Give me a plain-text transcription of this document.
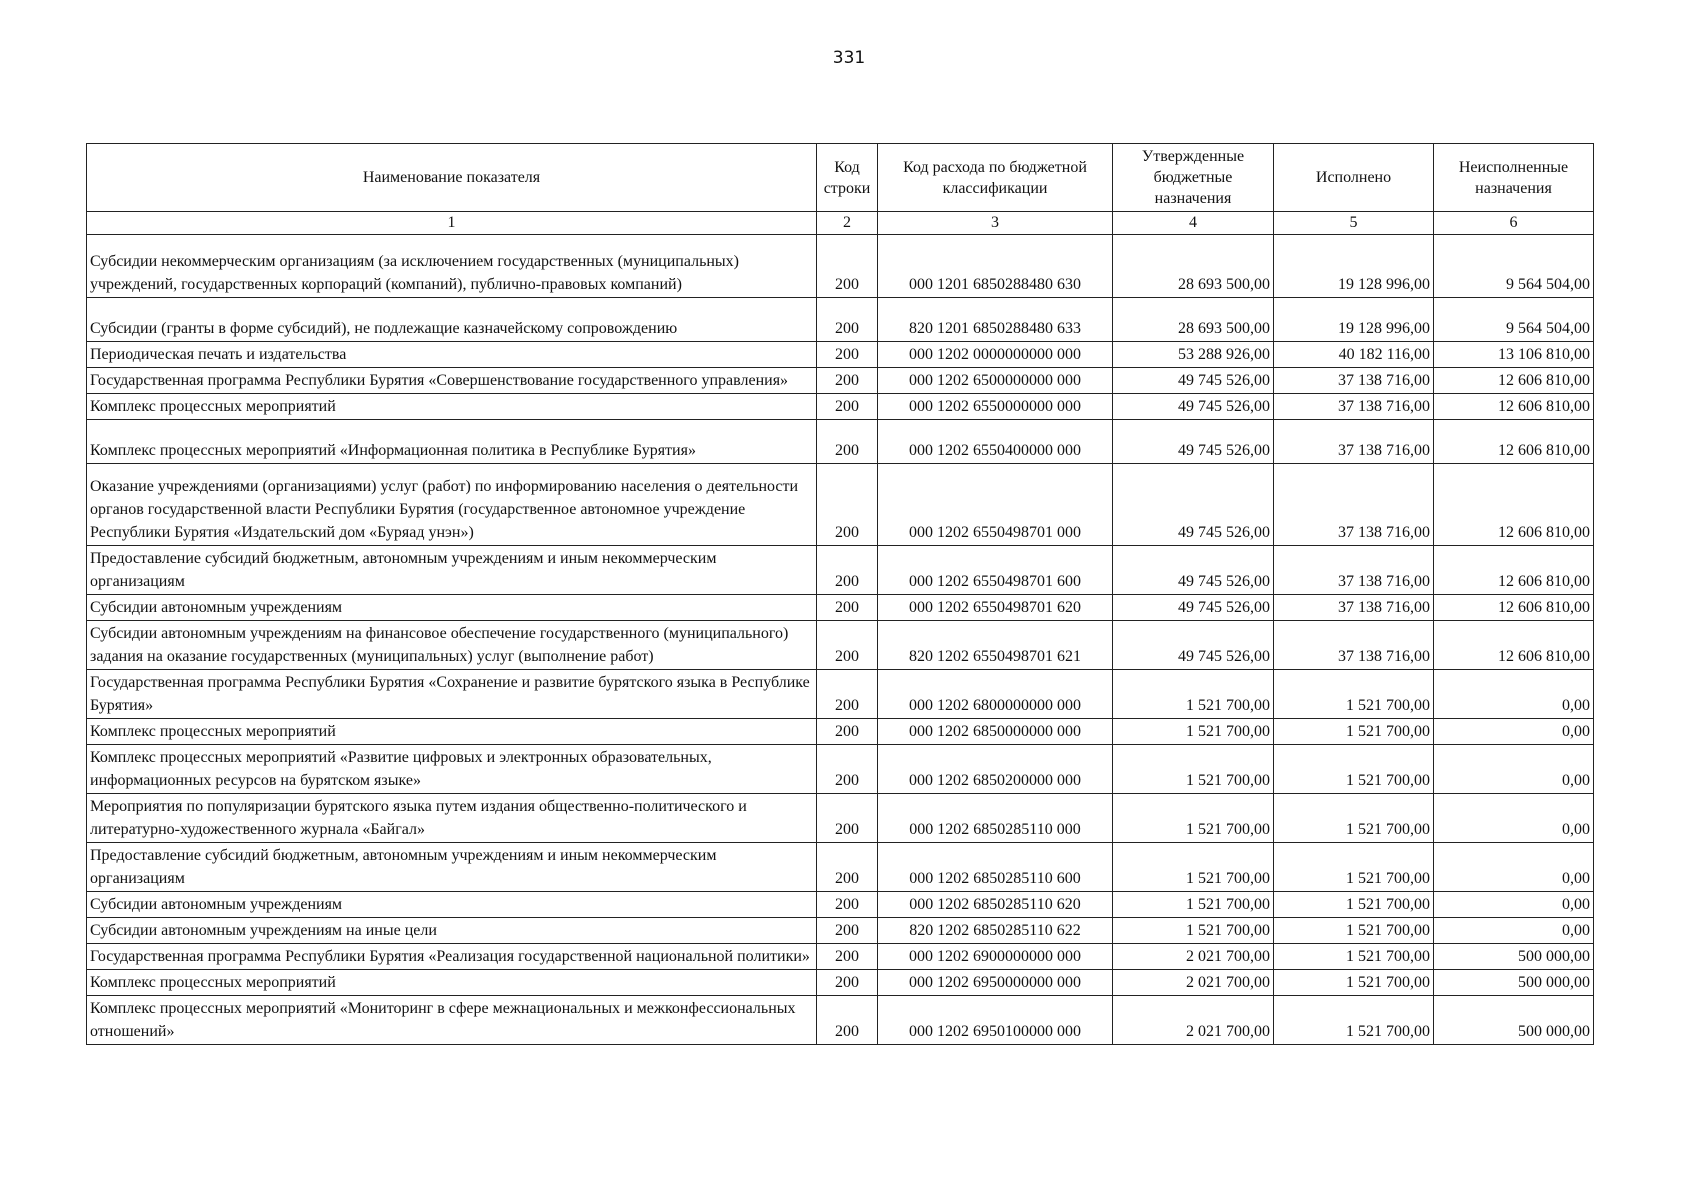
331
Наименование показателя	Код строки	Код расхода по бюджетной классификации	Утвержденные бюджетные назначения	Исполнено	Неисполненные назначения
1	2	3	4	5	6
Субсидии некоммерческим организациям (за исключением государственных (муниципальных) учреждений, государственных корпораций (компаний), публично-правовых компаний)	200	000 1201 6850288480 630	28 693 500,00	19 128 996,00	9 564 504,00
Субсидии (гранты в форме субсидий), не подлежащие казначейскому сопровождению	200	820 1201 6850288480 633	28 693 500,00	19 128 996,00	9 564 504,00
Периодическая печать и издательства	200	000 1202 0000000000 000	53 288 926,00	40 182 116,00	13 106 810,00
Государственная программа Республики Бурятия «Совершенствование государственного управления»	200	000 1202 6500000000 000	49 745 526,00	37 138 716,00	12 606 810,00
Комплекс процессных мероприятий	200	000 1202 6550000000 000	49 745 526,00	37 138 716,00	12 606 810,00
Комплекс процессных мероприятий «Информационная политика в Республике Бурятия»	200	000 1202 6550400000 000	49 745 526,00	37 138 716,00	12 606 810,00
Оказание учреждениями (организациями) услуг (работ) по информированию населения о деятельности органов государственной власти Республики Бурятия (государственное автономное учреждение Республики Бурятия «Издательский дом «Буряад унэн»)	200	000 1202 6550498701 000	49 745 526,00	37 138 716,00	12 606 810,00
Предоставление субсидий бюджетным, автономным учреждениям и иным некоммерческим организациям	200	000 1202 6550498701 600	49 745 526,00	37 138 716,00	12 606 810,00
Субсидии автономным учреждениям	200	000 1202 6550498701 620	49 745 526,00	37 138 716,00	12 606 810,00
Субсидии автономным учреждениям на финансовое обеспечение государственного (муниципального) задания на оказание государственных (муниципальных) услуг (выполнение работ)	200	820 1202 6550498701 621	49 745 526,00	37 138 716,00	12 606 810,00
Государственная программа Республики Бурятия «Сохранение и развитие бурятского языка в Республике Бурятия»	200	000 1202 6800000000 000	1 521 700,00	1 521 700,00	0,00
Комплекс процессных мероприятий	200	000 1202 6850000000 000	1 521 700,00	1 521 700,00	0,00
Комплекс процессных мероприятий «Развитие цифровых и электронных образовательных, информационных ресурсов на бурятском языке»	200	000 1202 6850200000 000	1 521 700,00	1 521 700,00	0,00
Мероприятия по популяризации бурятского языка путем издания общественно-политического и литературно-художественного журнала «Байгал»	200	000 1202 6850285110 000	1 521 700,00	1 521 700,00	0,00
Предоставление субсидий бюджетным, автономным учреждениям и иным некоммерческим организациям	200	000 1202 6850285110 600	1 521 700,00	1 521 700,00	0,00
Субсидии автономным учреждениям	200	000 1202 6850285110 620	1 521 700,00	1 521 700,00	0,00
Субсидии автономным учреждениям на иные цели	200	820 1202 6850285110 622	1 521 700,00	1 521 700,00	0,00
Государственная программа Республики Бурятия «Реализация государственной национальной политики»	200	000 1202 6900000000 000	2 021 700,00	1 521 700,00	500 000,00
Комплекс процессных мероприятий	200	000 1202 6950000000 000	2 021 700,00	1 521 700,00	500 000,00
Комплекс процессных мероприятий «Мониторинг в сфере межнациональных и межконфессиональных отношений»	200	000 1202 6950100000 000	2 021 700,00	1 521 700,00	500 000,00
